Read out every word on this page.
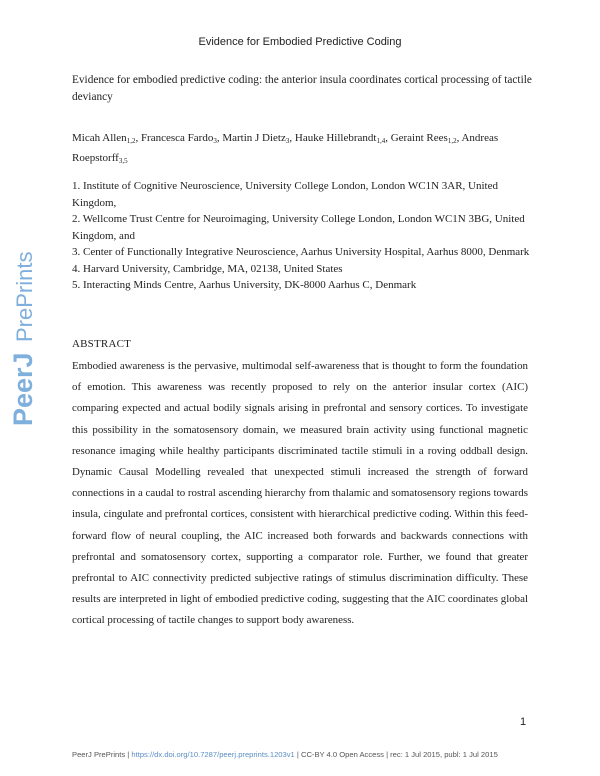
Evidence for Embodied Predictive Coding
Evidence for embodied predictive coding: the anterior insula coordinates cortical processing of tactile deviancy
Micah Allen$_{1,2}$, Francesca Fardo$_3$, Martin J Dietz$_3$, Hauke Hillebrandt$_{1,4}$, Geraint Rees$_{1,2}$, Andreas Roepstorff$_{3,5}$
1. Institute of Cognitive Neuroscience, University College London, London WC1N 3AR, United Kingdom,
2. Wellcome Trust Centre for Neuroimaging, University College London, London WC1N 3BG, United Kingdom, and
3. Center of Functionally Integrative Neuroscience, Aarhus University Hospital, Aarhus 8000, Denmark
4. Harvard University, Cambridge, MA, 02138, United States
5. Interacting Minds Centre, Aarhus University, DK-8000 Aarhus C, Denmark
ABSTRACT
Embodied awareness is the pervasive, multimodal self-awareness that is thought to form the foundation of emotion. This awareness was recently proposed to rely on the anterior insular cortex (AIC) comparing expected and actual bodily signals arising in prefrontal and sensory cortices. To investigate this possibility in the somatosensory domain, we measured brain activity using functional magnetic resonance imaging while healthy participants discriminated tactile stimuli in a roving oddball design. Dynamic Causal Modelling revealed that unexpected stimuli increased the strength of forward connections in a caudal to rostral ascending hierarchy from thalamic and somatosensory regions towards insula, cingulate and prefrontal cortices, consistent with hierarchical predictive coding. Within this feed-forward flow of neural coupling, the AIC increased both forwards and backwards connections with prefrontal and somatosensory cortex, supporting a comparator role. Further, we found that greater prefrontal to AIC connectivity predicted subjective ratings of stimulus discrimination difficulty. These results are interpreted in light of embodied predictive coding, suggesting that the AIC coordinates global cortical processing of tactile changes to support body awareness.
1
PeerJ PrePrints | https://dx.doi.org/10.7287/peerj.preprints.1203v1 | CC-BY 4.0 Open Access | rec: 1 Jul 2015, publ: 1 Jul 2015
PeerJ
PrePrints
